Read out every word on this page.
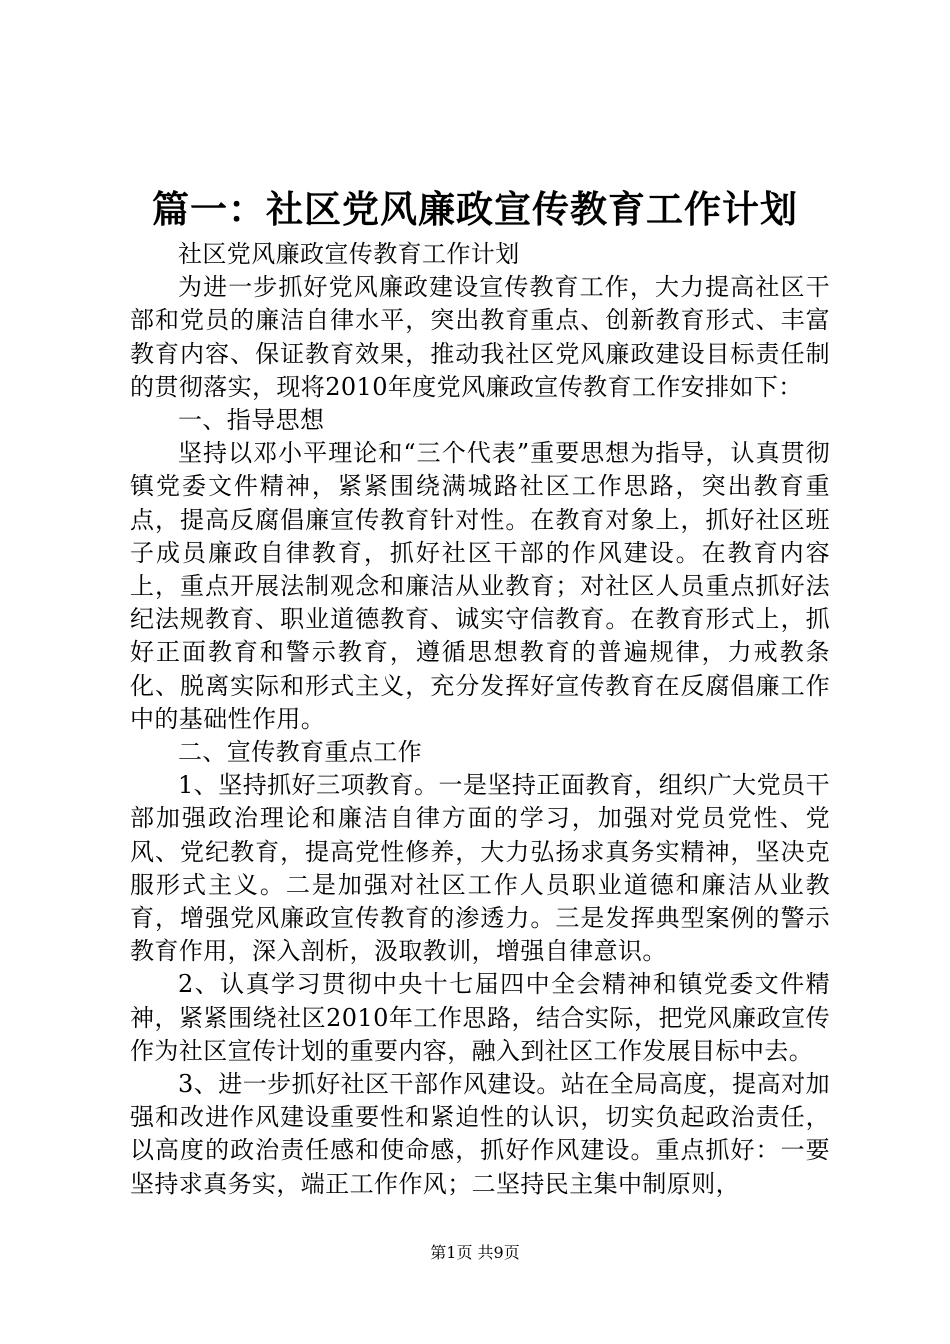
篇一：社区党风廉政宣传教育工作计划

社区党风廉政宣传教育工作计划

为进一步抓好党风廉政建设宣传教育工作，大力提高社区干部和党员的廉洁自律水平，突出教育重点、创新教育形式、丰富教育内容、保证教育效果，推动我社区党风廉政建设目标责任制的贯彻落实，现将2010年度党风廉政宣传教育工作安排如下：

一、指导思想

坚持以邓小平理论和“三个代表”重要思想为指导，认真贯彻镇党委文件精神，紧紧围绕满城路社区工作思路，突出教育重点，提高反腐倡廉宣传教育针对性。在教育对象上，抓好社区班子成员廉政自律教育，抓好社区干部的作风建设。在教育内容上，重点开展法制观念和廉洁从业教育；对社区人员重点抓好法纪法规教育、职业道德教育、诚实守信教育。在教育形式上，抓好正面教育和警示教育，遵循思想教育的普遍规律，力戒教条化、脱离实际和形式主义，充分发挥好宣传教育在反腐倡廉工作中的基础性作用。

二、宣传教育重点工作

1、坚持抓好三项教育。一是坚持正面教育，组织广大党员干部加强政治理论和廉洁自律方面的学习，加强对党员党性、党风、党纪教育，提高党性修养，大力弘扬求真务实精神，坚决克服形式主义。二是加强对社区工作人员职业道德和廉洁从业教育，增强党风廉政宣传教育的渗透力。三是发挥典型案例的警示教育作用，深入剖析，汲取教训，增强自律意识。

2、认真学习贯彻中央十七届四中全会精神和镇党委文件精神，紧紧围绕社区2010年工作思路，结合实际，把党风廉政宣传作为社区宣传计划的重要内容，融入到社区工作发展目标中去。

3、进一步抓好社区干部作风建设。站在全局高度，提高对加强和改进作风建设重要性和紧迫性的认识，切实负起政治责任，以高度的政治责任感和使命感，抓好作风建设。重点抓好：一要坚持求真务实，端正工作作风；二坚持民主集中制原则，

第1页 共9页
